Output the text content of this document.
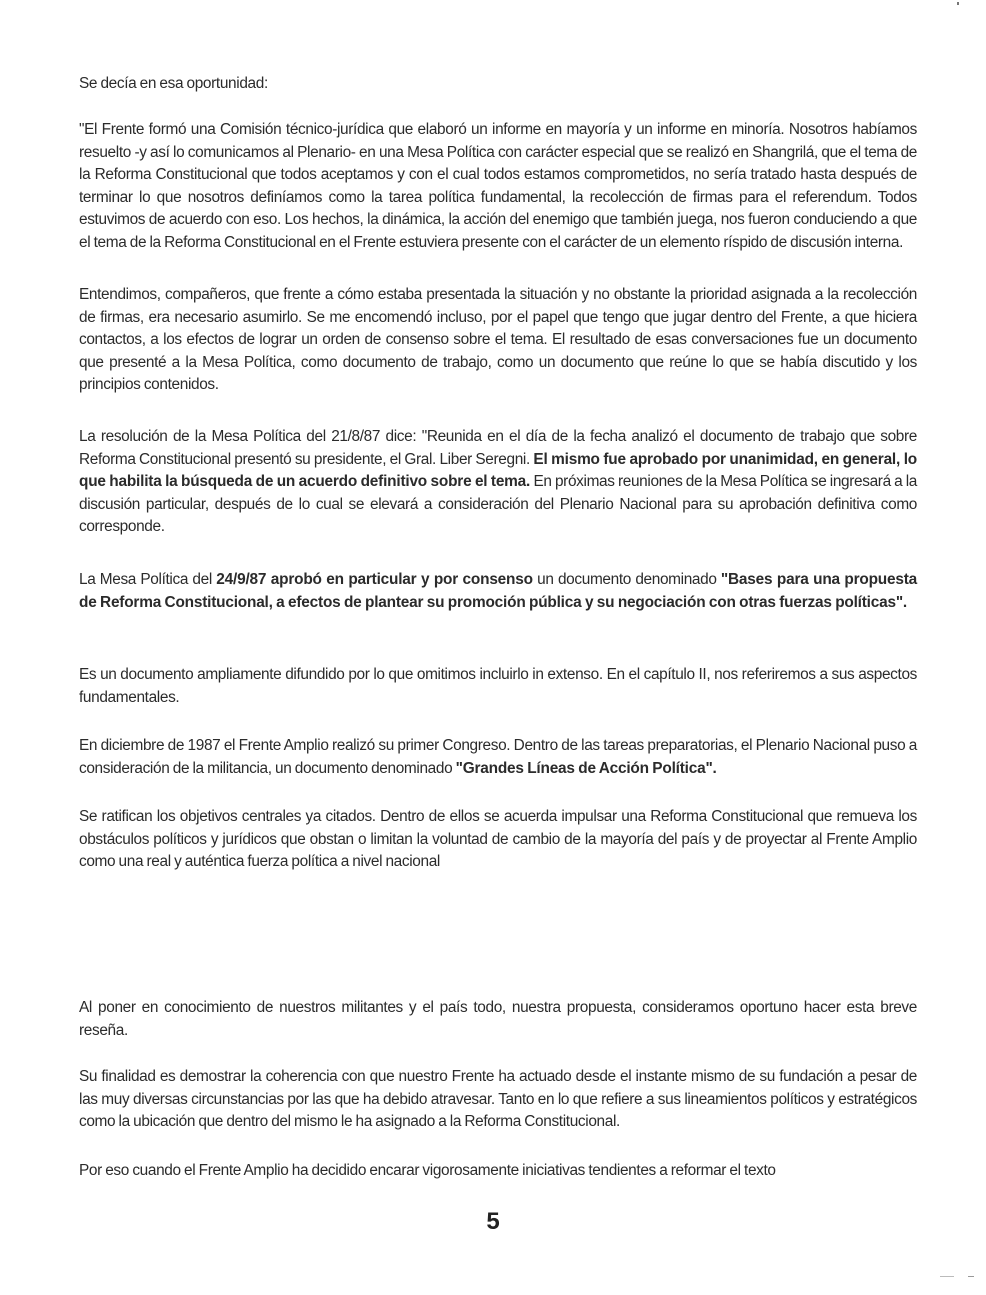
Se decía en esa oportunidad:
"El Frente formó una Comisión técnico-jurídica que elaboró un informe en mayoría y un informe en minoría. Nosotros habíamos resuelto -y así lo comunicamos al Plenario- en una Mesa Política con carácter especial que se realizó en Shangrilá, que el tema de la Reforma Constitucional que todos aceptamos y con el cual todos estamos comprometidos, no sería tratado hasta después de terminar lo que nosotros definíamos como la tarea política fundamental, la recolección de firmas para el referendum. Todos estuvimos de acuerdo con eso. Los hechos, la dinámica, la acción del enemigo que también juega, nos fueron conduciendo a que el tema de la Reforma Constitucional en el Frente estuviera presente con el carácter de un elemento ríspido de discusión interna.
Entendimos, compañeros, que frente a cómo estaba presentada la situación y no obstante la prioridad asignada a la recolección de firmas, era necesario asumirlo. Se me encomendó incluso, por el papel que tengo que jugar dentro del Frente, a que hiciera contactos, a los efectos de lograr un orden de consenso sobre el tema. El resultado de esas conversaciones fue un documento que presenté a la Mesa Política, como documento de trabajo, como un documento que reúne lo que se había discutido y los principios contenidos.
La resolución de la Mesa Política del 21/8/87 dice: "Reunida en el día de la fecha analizó el documento de trabajo que sobre Reforma Constitucional presentó su presidente, el Gral. Liber Seregni. El mismo fue aprobado por unanimidad, en general, lo que habilita la búsqueda de un acuerdo definitivo sobre el tema. En próximas reuniones de la Mesa Política se ingresará a la discusión particular, después de lo cual se elevará a consideración del Plenario Nacional para su aprobación definitiva como corresponde.
La Mesa Política del 24/9/87 aprobó en particular y por consenso un documento denominado "Bases para una propuesta de Reforma Constitucional, a efectos de plantear su promoción pública y su negociación con otras fuerzas políticas".
Es un documento ampliamente difundido por lo que omitimos incluirlo in extenso. En el capítulo II, nos referiremos a sus aspectos fundamentales.
En diciembre de 1987 el Frente Amplio realizó su primer Congreso. Dentro de las tareas preparatorias, el Plenario Nacional puso a consideración de la militancia, un documento denominado "Grandes Líneas de Acción Política".
Se ratifican los objetivos centrales ya citados. Dentro de ellos se acuerda impulsar una Reforma Constitucional que remueva los obstáculos políticos y jurídicos que obstan o limitan la voluntad de cambio de la mayoría del país y de proyectar al Frente Amplio como una real y auténtica fuerza política a nivel nacional
Al poner en conocimiento de nuestros militantes y el país todo, nuestra propuesta, consideramos oportuno hacer esta breve reseña.
Su finalidad es demostrar la coherencia con que nuestro Frente ha actuado desde el instante mismo de su fundación a pesar de las muy diversas circunstancias por las que ha debido atravesar. Tanto en lo que refiere a sus lineamientos políticos y estratégicos como la ubicación que dentro del mismo le ha asignado a la Reforma Constitucional.
Por eso cuando el Frente Amplio ha decidido encarar vigorosamente iniciativas tendientes a reformar el texto
5
